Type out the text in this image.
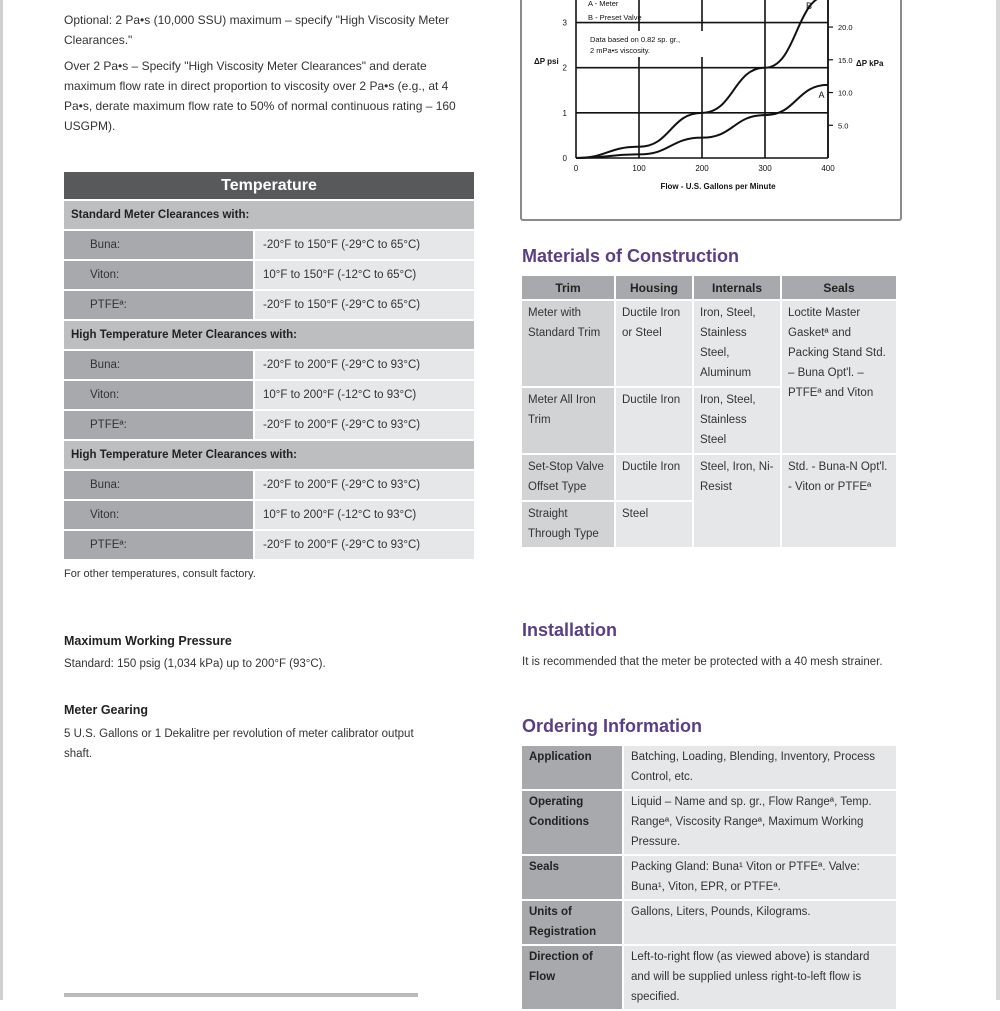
Optional: 2 Pa•s (10,000 SSU) maximum – specify "High Viscosity Meter Clearances."

Over 2 Pa•s – Specify "High Viscosity Meter Clearances" and derate maximum flow rate in direct proportion to viscosity over 2 Pa•s (e.g., at 4 Pa•s, derate maximum flow rate to 50% of normal continuous rating – 160 USGPM).

Temperature	
Standard Meter Clearances with:	
Buna:	-20°F to 150°F (-29°C to 65°C)
Viton:	10°F to 150°F (-12°C to 65°C)
PTFEª:	-20°F to 150°F (-29°C to 65°C)
High Temperature Meter Clearances with:	
Buna:	-20°F to 200°F (-29°C to 93°C)
Viton:	10°F to 200°F (-12°C to 93°C)
PTFEª:	-20°F to 200°F (-29°C to 93°C)
High Temperature Meter Clearances with:	
Buna:	-20°F to 200°F (-29°C to 93°C)
Viton:	10°F to 200°F (-12°C to 93°C)
PTFEª:	-20°F to 200°F (-29°C to 93°C)
For other temperatures, consult factory.
Maximum Working Pressure
Standard: 150 psig (1,034 kPa) up to 200°F (93°C).
Meter Gearing
5 U.S. Gallons or 1 Dekalitre per revolution of meter calibrator output shaft.
A
B
0	100	200	300	400
0
1
2
3
5.0
10.0
15.0
20.0
A - Meter
B - Preset Valve
Data based on 0.82 sp. gr.,
2 mPa•s viscosity.
ΔP psi	ΔP kPa
Flow - U.S. Gallons per Minute
Materials of Construction
Trim	Housing	Internals	Seals
Meter with Standard Trim	Ductile Iron or Steel	Iron, Steel, Stainless Steel, Aluminum	Loctite Master Gasketª and Packing Stand Std. – Buna Opt'l. – PTFEª and Viton
Meter All Iron Trim	Ductile Iron	Iron, Steel, Stainless Steel	
Set-Stop Valve Offset Type	Ductile Iron	Steel, Iron, Ni-Resist	Std. - Buna-N Opt'l. - Viton or PTFEª
Straight Through Type	Steel		
Installation
It is recommended that the meter be protected with a 40 mesh strainer.
Ordering Information
Application	Batching, Loading, Blending, Inventory, Process Control, etc.
Operating Conditions	Liquid – Name and sp. gr., Flow Rangeª, Temp. Rangeª, Viscosity Rangeª, Maximum Working Pressure.
Seals	Packing Gland: Buna¹ Viton or PTFEª. Valve: Buna¹, Viton, EPR, or PTFEª.
Units of Registration	Gallons, Liters, Pounds, Kilograms.
Direction of Flow	Left-to-right flow (as viewed above) is standard and will be supplied unless right-to-left flow is specified.
